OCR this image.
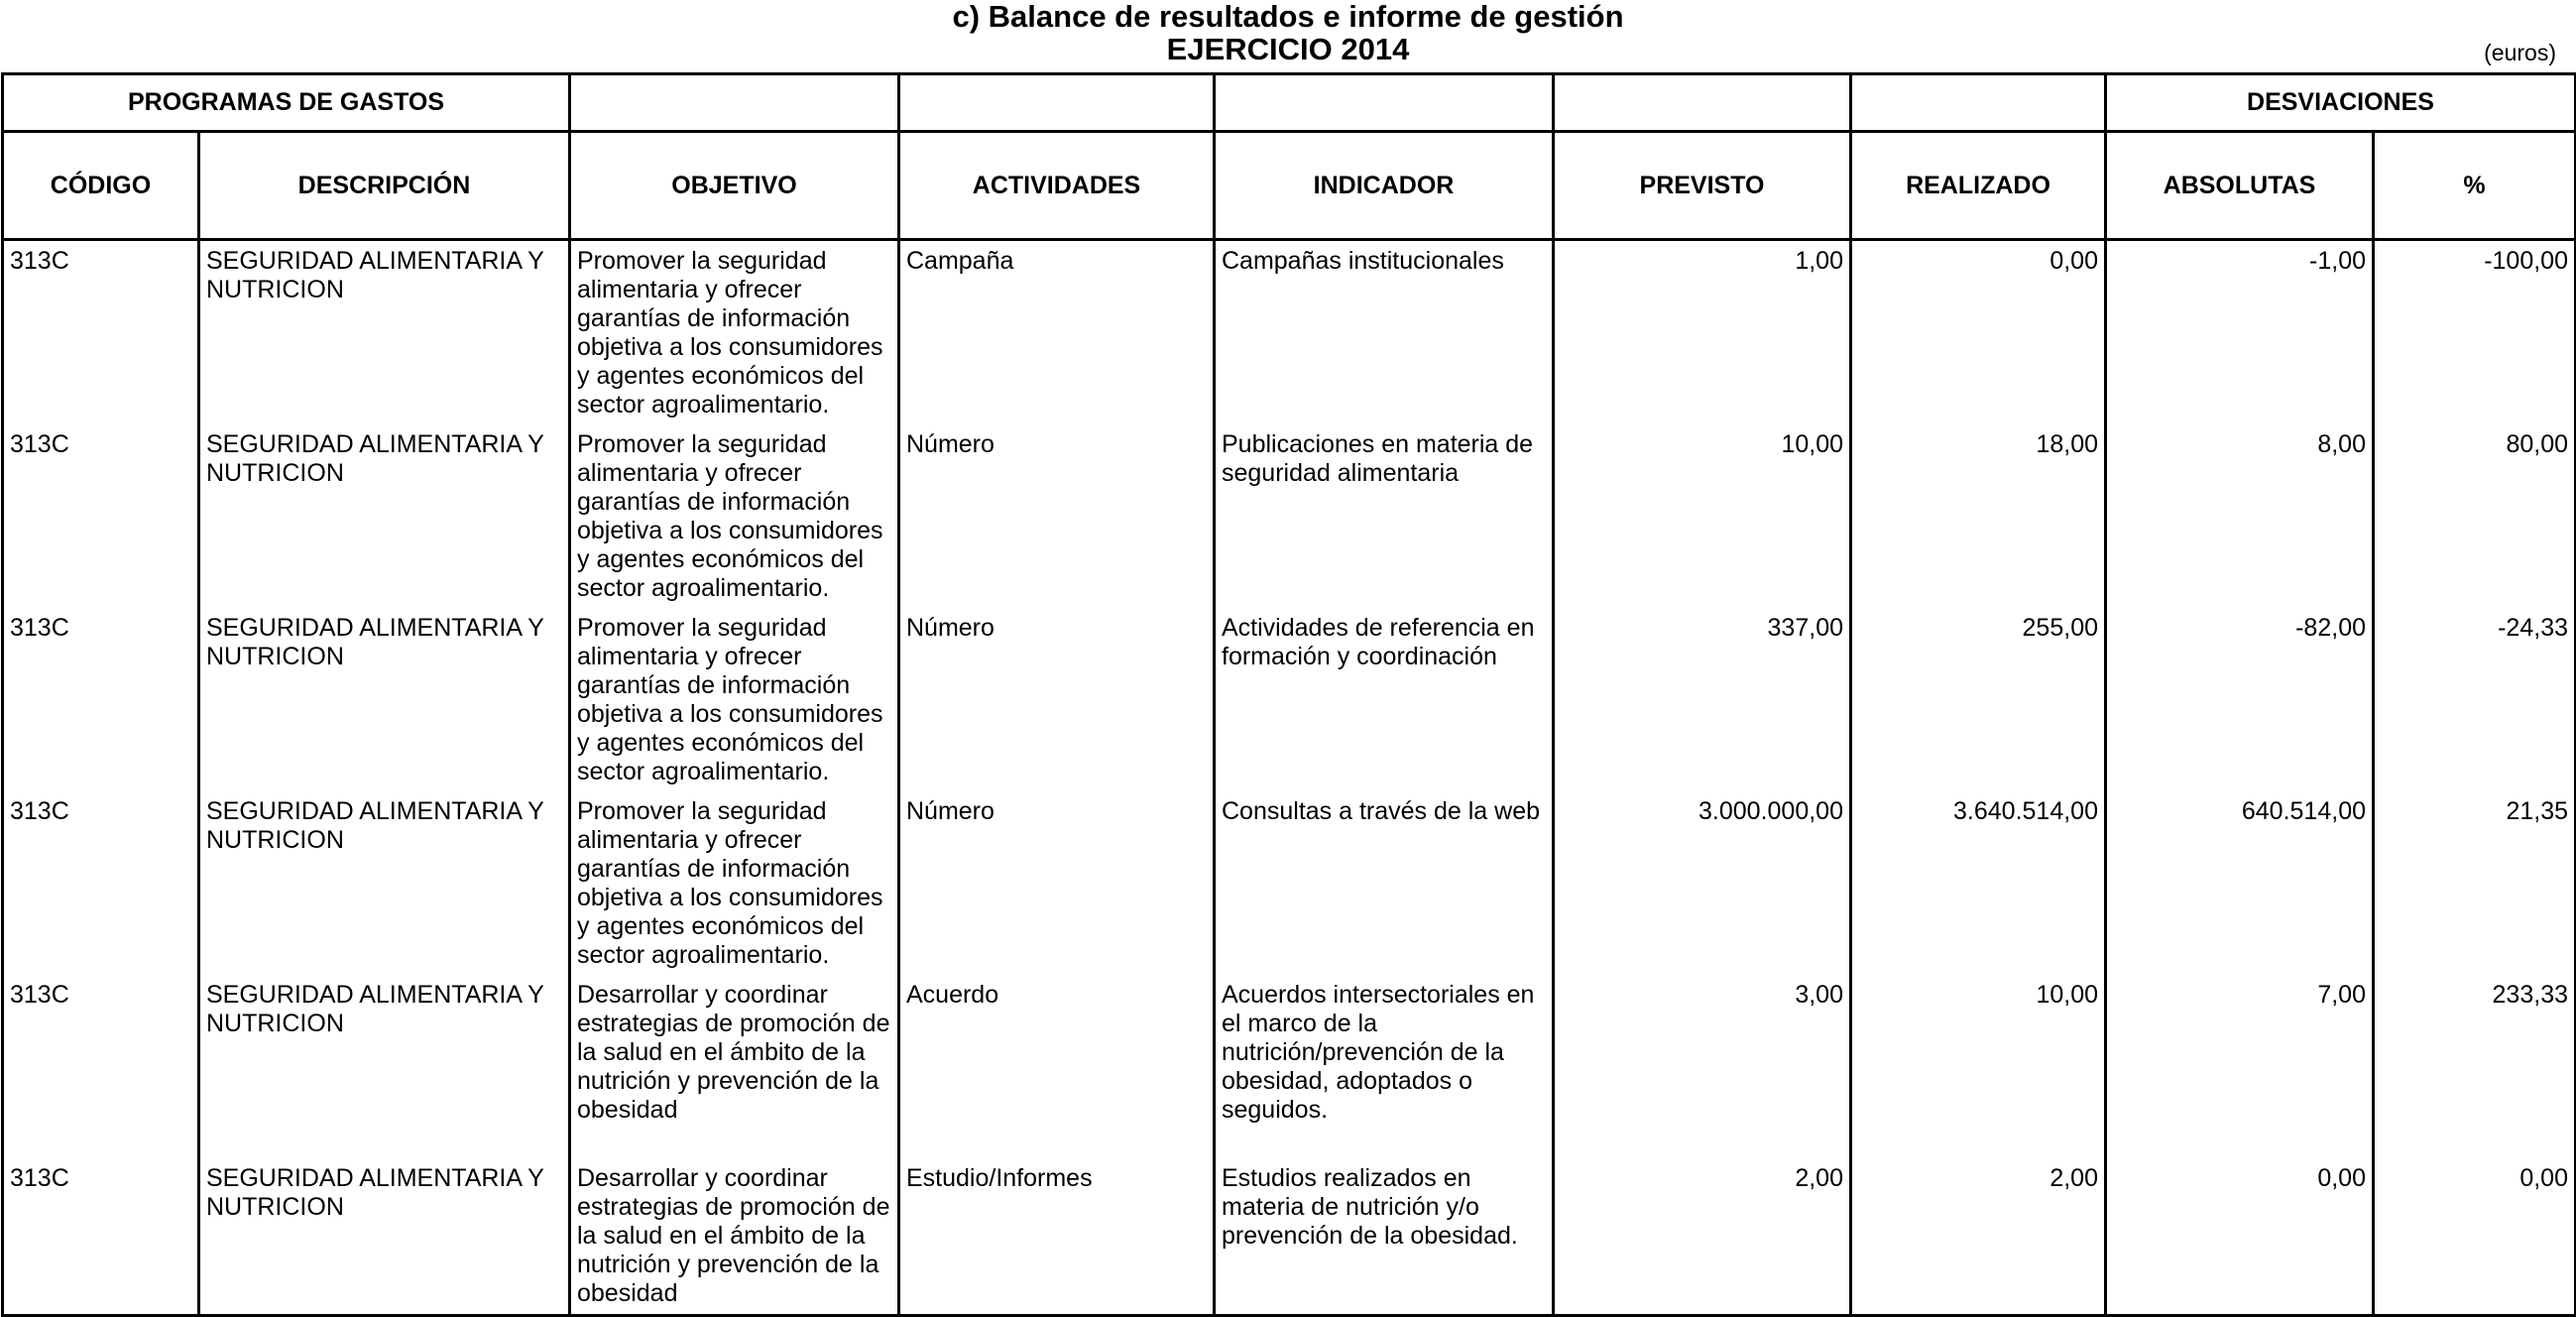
c) Balance de resultados e informe de gestión
EJERCICIO 2014	(euros)
PROGRAMAS DE GASTOS							DESVIACIONES	
CÓDIGO	DESCRIPCIÓN	OBJETIVO	ACTIVIDADES	INDICADOR	PREVISTO	REALIZADO	ABSOLUTAS	%
313C	SEGURIDAD ALIMENTARIA Y NUTRICION	Promover la seguridad alimentaria y ofrecer garantías de información objetiva a los consumidores y agentes económicos del sector agroalimentario.	Campaña	Campañas institucionales	1,00	0,00	-1,00	-100,00
313C	SEGURIDAD ALIMENTARIA Y NUTRICION	Promover la seguridad alimentaria y ofrecer garantías de información objetiva a los consumidores y agentes económicos del sector agroalimentario.	Número	Publicaciones en materia de seguridad alimentaria	10,00	18,00	8,00	80,00
313C	SEGURIDAD ALIMENTARIA Y NUTRICION	Promover la seguridad alimentaria y ofrecer garantías de información objetiva a los consumidores y agentes económicos del sector agroalimentario.	Número	Actividades de referencia en formación y coordinación	337,00	255,00	-82,00	-24,33
313C	SEGURIDAD ALIMENTARIA Y NUTRICION	Promover la seguridad alimentaria y ofrecer garantías de información objetiva a los consumidores y agentes económicos del sector agroalimentario.	Número	Consultas a través de la web	3.000.000,00	3.640.514,00	640.514,00	21,35
313C	SEGURIDAD ALIMENTARIA Y NUTRICION	Desarrollar y coordinar estrategias de promoción de la salud en el ámbito de la nutrición y prevención de la obesidad	Acuerdo	Acuerdos intersectoriales en el marco de la nutrición/prevención de la obesidad, adoptados o seguidos.	3,00	10,00	7,00	233,33
313C	SEGURIDAD ALIMENTARIA Y NUTRICION	Desarrollar y coordinar estrategias de promoción de la salud en el ámbito de la nutrición y prevención de la obesidad	Estudio/Informes	Estudios realizados en materia de nutrición y/o prevención de la obesidad.	2,00	2,00	0,00	0,00
